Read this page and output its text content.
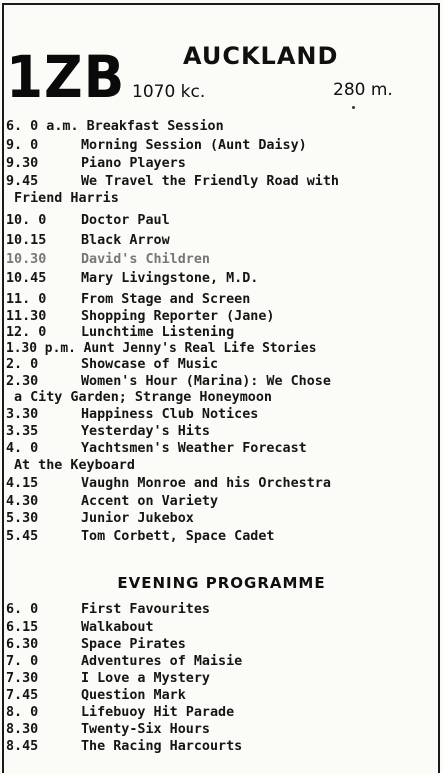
1ZB AUCKLAND
1070 kc.	280 m.
6. 0 a.m. Breakfast Session
9. 0	Morning Session (Aunt Daisy)
9.30	Piano Players
9.45	We Travel the Friendly Road with
Friend Harris
10. 0	Doctor Paul
10.15	Black Arrow
10.30	David's Children
10.45	Mary Livingstone, M.D.
11. 0	From Stage and Screen
11.30	Shopping Reporter (Jane)
12. 0	Lunchtime Listening
1.30 p.m. Aunt Jenny's Real Life Stories
2. 0	Showcase of Music
2.30	Women's Hour (Marina): We Chose
a City Garden; Strange Honeymoon
3.30	Happiness Club Notices
3.35	Yesterday's Hits
4. 0	Yachtsmen's Weather Forecast
At the Keyboard
4.15	Vaughn Monroe and his Orchestra
4.30	Accent on Variety
5.30	Junior Jukebox
5.45	Tom Corbett, Space Cadet
EVENING PROGRAMME
6. 0	First Favourites
6.15	Walkabout
6.30	Space Pirates
7. 0	Adventures of Maisie
7.30	I Love a Mystery
7.45	Question Mark
8. 0	Lifebuoy Hit Parade
8.30	Twenty-Six Hours
8.45	The Racing Harcourts
